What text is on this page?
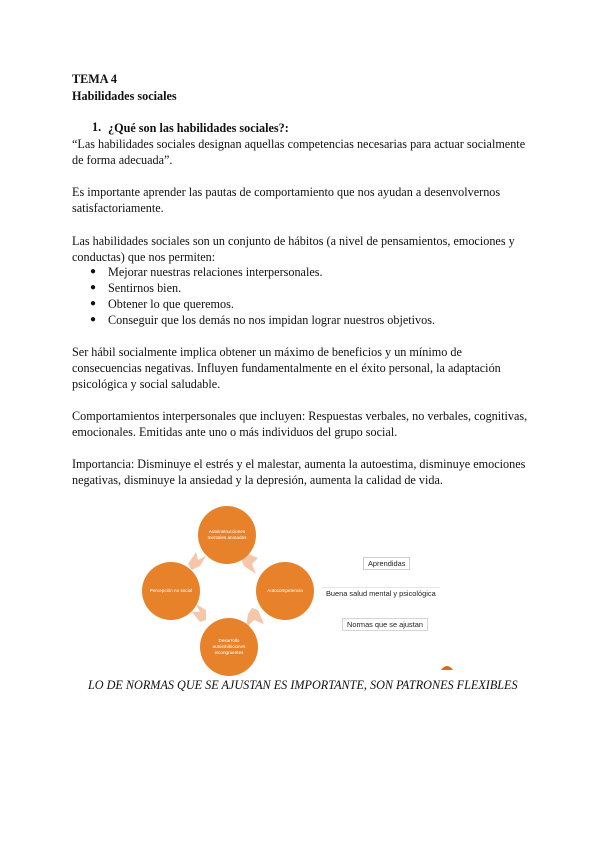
TEMA 4
Habilidades sociales
1. ¿Qué son las habilidades sociales?:
“Las habilidades sociales designan aquellas competencias necesarias para actuar socialmente
de forma adecuada”.
Es importante aprender las pautas de comportamiento que nos ayudan a desenvolvernos
satisfactoriamente.
Las habilidades sociales son un conjunto de hábitos (a nivel de pensamientos, emociones y
conductas) que nos permiten:
● Mejorar nuestras relaciones interpersonales.
● Sentirnos bien.
● Obtener lo que queremos.
● Conseguir que los demás no nos impidan lograr nuestros objetivos.
Ser hábil socialmente implica obtener un máximo de beneficios y un mínimo de
consecuencias negativas. Influyen fundamentalmente en el éxito personal, la adaptación
psicológica y social saludable.
Comportamientos interpersonales que incluyen: Respuestas verbales, no verbales, cognitivas,
emocionales. Emitidas ante uno o más individuos del grupo social.
Importancia: Disminuye el estrés y el malestar, aumenta la autoestima, disminuye emociones
negativas, disminuye la ansiedad y la depresión, aumenta la calidad de vida.
Autoinstrucciones mentales anotadas
Autocompetencia
Desarrollo autoinhibiciones incongruentes
Percepción no social
Aprendidas
Buena salud mental y psicológica
Normas que se ajustan
LO DE NORMAS QUE SE AJUSTAN ES IMPORTANTE, SON PATRONES FLEXIBLES
